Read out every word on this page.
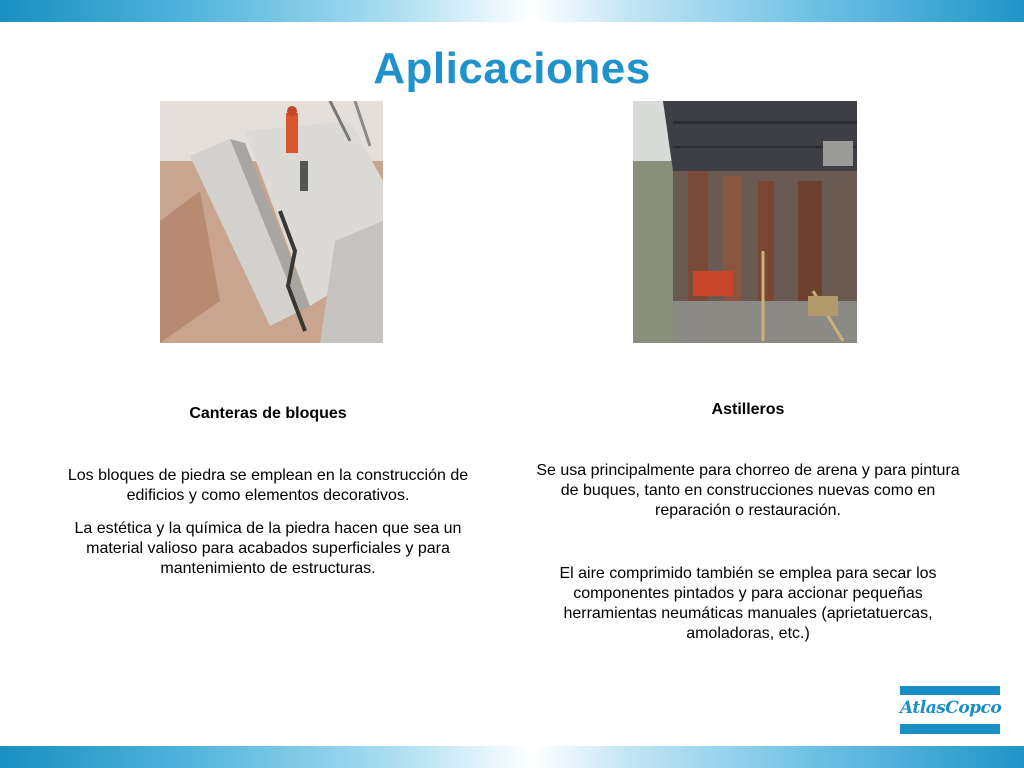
Aplicaciones
Canteras de bloques
Los bloques de piedra se emplean en la construcción de edificios y como elementos decorativos.
La estética y la química de la piedra hacen que sea un material valioso para acabados superficiales y para mantenimiento de estructuras.
Astilleros
Se usa principalmente para chorreo de arena y para pintura de buques, tanto en construcciones nuevas como en reparación o restauración.
El aire comprimido también se emplea para secar los componentes pintados y para accionar pequeñas herramientas neumáticas manuales (aprietatuercas, amoladoras, etc.)
AtlasCopco
